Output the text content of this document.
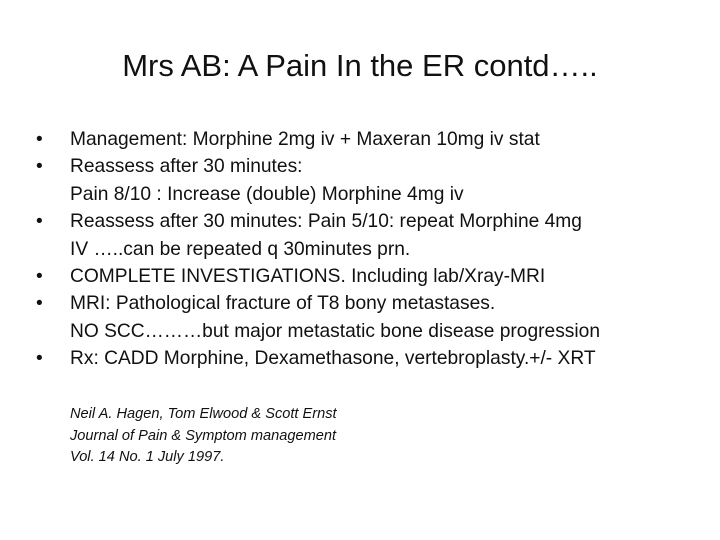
Mrs AB: A Pain In the ER contd…..
•	Management: Morphine 2mg iv + Maxeran 10mg iv stat
•	Reassess after 30 minutes:
Pain 8/10 : Increase (double) Morphine 4mg iv
•	Reassess after 30 minutes: Pain 5/10: repeat Morphine 4mg
IV …..can be repeated q 30minutes prn.
•	COMPLETE INVESTIGATIONS. Including lab/Xray-MRI
•	MRI: Pathological fracture of T8 bony metastases.
NO SCC………but major metastatic bone disease progression
•	Rx: CADD Morphine, Dexamethasone, vertebroplasty.+/- XRT
Neil A. Hagen, Tom Elwood & Scott Ernst
Journal of Pain & Symptom management
Vol. 14 No. 1 July 1997.
